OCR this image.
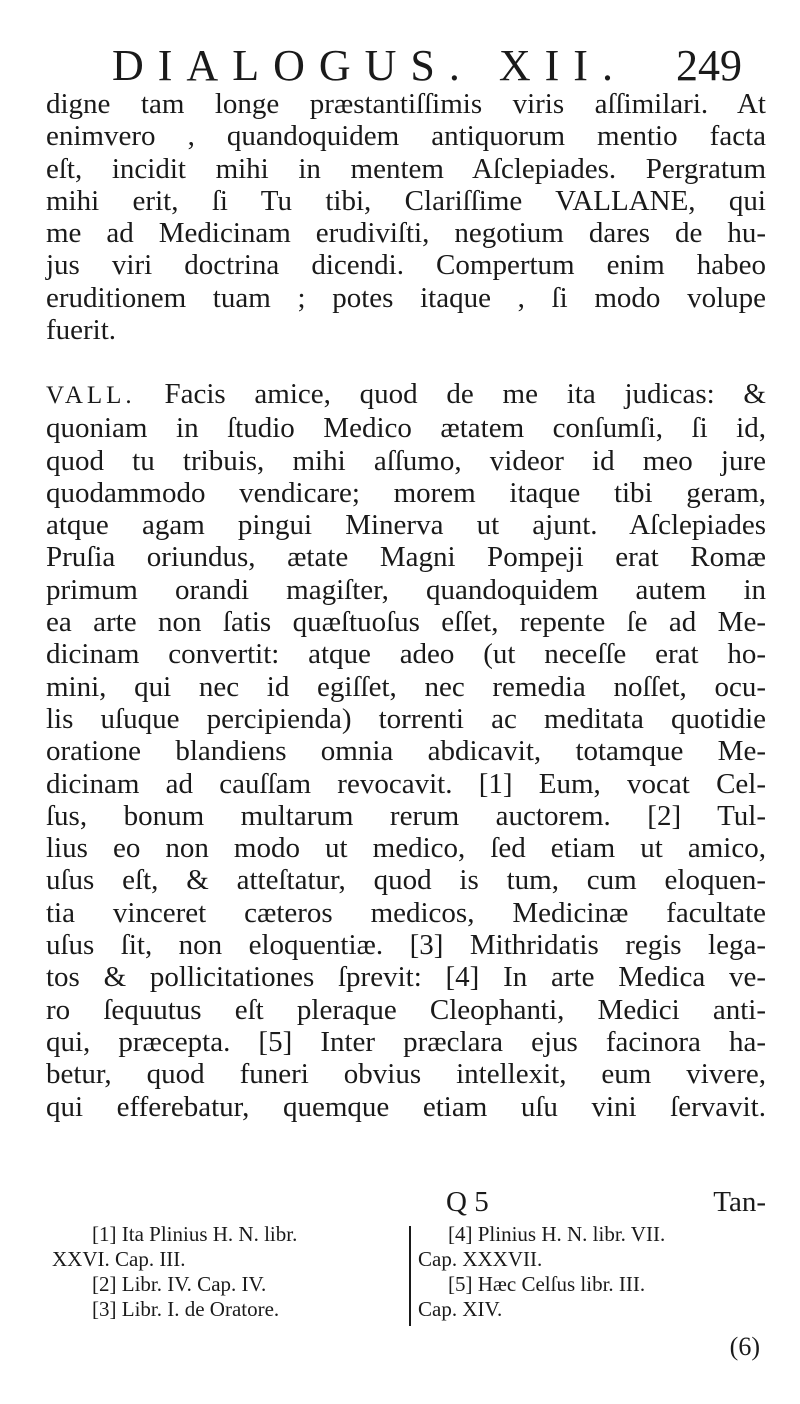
DIALOGUS. XII. 249
digne tam longe præstantiſſimis viris aſſimilari. At
enimvero , quandoquidem antiquorum mentio facta
eſt, incidit mihi in mentem Aſclepiades. Pergratum
mihi erit, ſi Tu tibi, Clariſſime VALLANE, qui
me ad Medicinam erudiviſti, negotium dares de hu-
jus viri doctrina dicendi. Compertum enim habeo
eruditionem tuam ; potes itaque , ſi modo volupe
fuerit.
VALL. Facis amice, quod de me ita judicas: &
quoniam in ſtudio Medico ætatem conſumſi, ſi id,
quod tu tribuis, mihi aſſumo, videor id meo jure
quodammodo vendicare; morem itaque tibi geram,
atque agam pingui Minerva ut ajunt. Aſclepiades
Pruſia oriundus, ætate Magni Pompeji erat Romæ
primum orandi magiſter, quandoquidem autem in
ea arte non ſatis quæſtuoſus eſſet, repente ſe ad Me-
dicinam convertit: atque adeo (ut neceſſe erat ho-
mini, qui nec id egiſſet, nec remedia noſſet, ocu-
lis uſuque percipienda) torrenti ac meditata quotidie
oratione blandiens omnia abdicavit, totamque Me-
dicinam ad cauſſam revocavit. [1] Eum, vocat Cel-
ſus, bonum multarum rerum auctorem. [2] Tul-
lius eo non modo ut medico, ſed etiam ut amico,
uſus eſt, & atteſtatur, quod is tum, cum eloquen-
tia vinceret cæteros medicos, Medicinæ facultate
uſus ſit, non eloquentiæ. [3] Mithridatis regis lega-
tos & pollicitationes ſprevit: [4] In arte Medica ve-
ro ſequutus eſt pleraque Cleophanti, Medici anti-
qui, præcepta. [5] Inter præclara ejus facinora ha-
betur, quod funeri obvius intellexit, eum vivere,
qui efferebatur, quemque etiam uſu vini ſervavit.
Q 5	Tan-
[1] Ita Plinius H. N. libr.
XXVI. Cap. III.
[2] Libr. IV. Cap. IV.
[3] Libr. I. de Oratore.
[4] Plinius H. N. libr. VII.
Cap. XXXVII.
[5] Hæc Celſus libr. III.
Cap. XIV.
(6)
